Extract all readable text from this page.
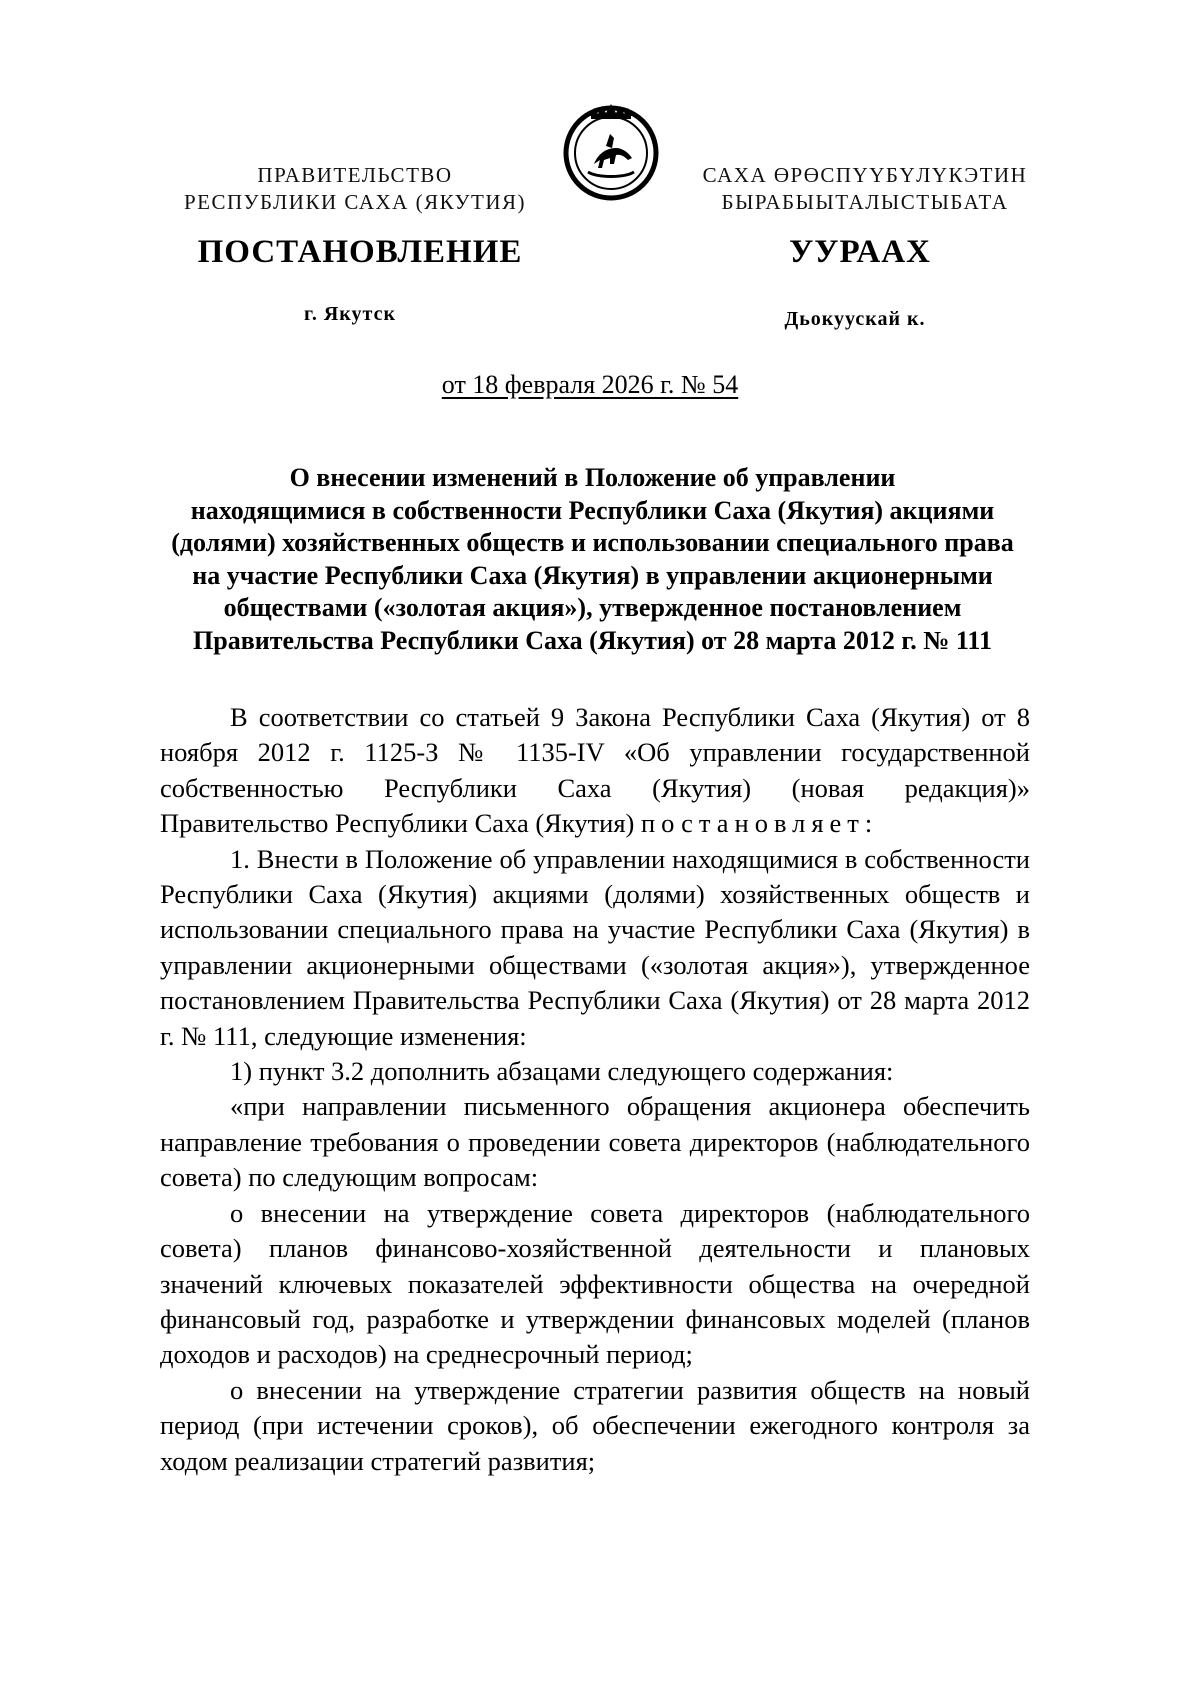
ПРАВИТЕЛЬСТВО
РЕСПУБЛИКИ САХА (ЯКУТИЯ)
САХА ӨРӨСПҮҮБҮЛҮКЭТИН
БЫРАБЫЫТАЛЫСТЫБАТА
ПОСТАНОВЛЕНИЕ	УУРААХ
г. Якутск	Дьокуускай к.
от 18 февраля 2026 г. № 54
О внесении изменений в Положение об управлении
находящимися в собственности Республики Саха (Якутия) акциями
(долями) хозяйственных обществ и использовании специального права
на участие Республики Саха (Якутия) в управлении акционерными
обществами («золотая акция»), утвержденное постановлением
Правительства Республики Саха (Якутия) от 28 марта 2012 г. № 111

В соответствии со статьей 9 Закона Республики Саха (Якутия) от 8 ноября 2012 г. 1125-З № 1135-IV «Об управлении государственной собственностью Республики Саха (Якутия) (новая редакция)» Правительство Республики Саха (Якутия) постановляет:

1. Внести в Положение об управлении находящимися в собственности Республики Саха (Якутия) акциями (долями) хозяйственных обществ и использовании специального права на участие Республики Саха (Якутия) в управлении акционерными обществами («золотая акция»), утвержденное постановлением Правительства Республики Саха (Якутия) от 28 марта 2012 г. № 111, следующие изменения:

1) пункт 3.2 дополнить абзацами следующего содержания:

«при направлении письменного обращения акционера обеспечить направление требования о проведении совета директоров (наблюдательного совета) по следующим вопросам:

о внесении на утверждение совета директоров (наблюдательного совета) планов финансово-хозяйственной деятельности и плановых значений ключевых показателей эффективности общества на очередной финансовый год, разработке и утверждении финансовых моделей (планов доходов и расходов) на среднесрочный период;

о внесении на утверждение стратегии развития обществ на новый период (при истечении сроков), об обеспечении ежегодного контроля за ходом реализации стратегий развития;
